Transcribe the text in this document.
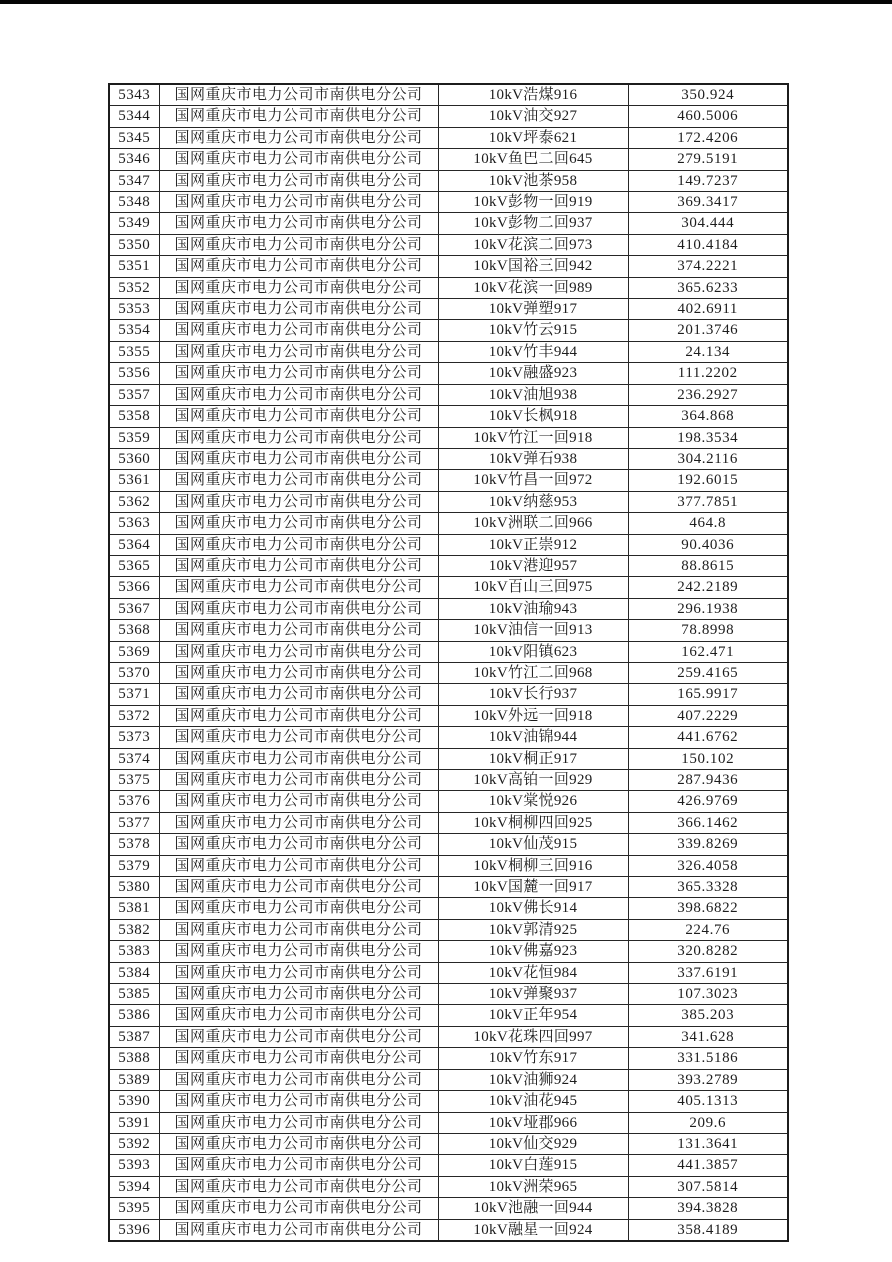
5343	国网重庆市电力公司市南供电分公司	10kV浩煤916	350.924
5344	国网重庆市电力公司市南供电分公司	10kV油交927	460.5006
5345	国网重庆市电力公司市南供电分公司	10kV坪泰621	172.4206
5346	国网重庆市电力公司市南供电分公司	10kV鱼巴二回645	279.5191
5347	国网重庆市电力公司市南供电分公司	10kV池茶958	149.7237
5348	国网重庆市电力公司市南供电分公司	10kV彭物一回919	369.3417
5349	国网重庆市电力公司市南供电分公司	10kV彭物二回937	304.444
5350	国网重庆市电力公司市南供电分公司	10kV花滨二回973	410.4184
5351	国网重庆市电力公司市南供电分公司	10kV国裕三回942	374.2221
5352	国网重庆市电力公司市南供电分公司	10kV花滨一回989	365.6233
5353	国网重庆市电力公司市南供电分公司	10kV弹塑917	402.6911
5354	国网重庆市电力公司市南供电分公司	10kV竹云915	201.3746
5355	国网重庆市电力公司市南供电分公司	10kV竹丰944	24.134
5356	国网重庆市电力公司市南供电分公司	10kV融盛923	111.2202
5357	国网重庆市电力公司市南供电分公司	10kV油旭938	236.2927
5358	国网重庆市电力公司市南供电分公司	10kV长枫918	364.868
5359	国网重庆市电力公司市南供电分公司	10kV竹江一回918	198.3534
5360	国网重庆市电力公司市南供电分公司	10kV弹石938	304.2116
5361	国网重庆市电力公司市南供电分公司	10kV竹昌一回972	192.6015
5362	国网重庆市电力公司市南供电分公司	10kV纳慈953	377.7851
5363	国网重庆市电力公司市南供电分公司	10kV洲联二回966	464.8
5364	国网重庆市电力公司市南供电分公司	10kV正崇912	90.4036
5365	国网重庆市电力公司市南供电分公司	10kV港迎957	88.8615
5366	国网重庆市电力公司市南供电分公司	10kV百山三回975	242.2189
5367	国网重庆市电力公司市南供电分公司	10kV油瑜943	296.1938
5368	国网重庆市电力公司市南供电分公司	10kV油信一回913	78.8998
5369	国网重庆市电力公司市南供电分公司	10kV阳镇623	162.471
5370	国网重庆市电力公司市南供电分公司	10kV竹江二回968	259.4165
5371	国网重庆市电力公司市南供电分公司	10kV长行937	165.9917
5372	国网重庆市电力公司市南供电分公司	10kV外远一回918	407.2229
5373	国网重庆市电力公司市南供电分公司	10kV油锦944	441.6762
5374	国网重庆市电力公司市南供电分公司	10kV桐正917	150.102
5375	国网重庆市电力公司市南供电分公司	10kV高铂一回929	287.9436
5376	国网重庆市电力公司市南供电分公司	10kV棠悦926	426.9769
5377	国网重庆市电力公司市南供电分公司	10kV桐柳四回925	366.1462
5378	国网重庆市电力公司市南供电分公司	10kV仙茂915	339.8269
5379	国网重庆市电力公司市南供电分公司	10kV桐柳三回916	326.4058
5380	国网重庆市电力公司市南供电分公司	10kV国麓一回917	365.3328
5381	国网重庆市电力公司市南供电分公司	10kV佛长914	398.6822
5382	国网重庆市电力公司市南供电分公司	10kV郭清925	224.76
5383	国网重庆市电力公司市南供电分公司	10kV佛嘉923	320.8282
5384	国网重庆市电力公司市南供电分公司	10kV花恒984	337.6191
5385	国网重庆市电力公司市南供电分公司	10kV弹聚937	107.3023
5386	国网重庆市电力公司市南供电分公司	10kV正年954	385.203
5387	国网重庆市电力公司市南供电分公司	10kV花珠四回997	341.628
5388	国网重庆市电力公司市南供电分公司	10kV竹东917	331.5186
5389	国网重庆市电力公司市南供电分公司	10kV油狮924	393.2789
5390	国网重庆市电力公司市南供电分公司	10kV油花945	405.1313
5391	国网重庆市电力公司市南供电分公司	10kV垭郡966	209.6
5392	国网重庆市电力公司市南供电分公司	10kV仙交929	131.3641
5393	国网重庆市电力公司市南供电分公司	10kV白莲915	441.3857
5394	国网重庆市电力公司市南供电分公司	10kV洲荣965	307.5814
5395	国网重庆市电力公司市南供电分公司	10kV池融一回944	394.3828
5396	国网重庆市电力公司市南供电分公司	10kV融星一回924	358.4189
